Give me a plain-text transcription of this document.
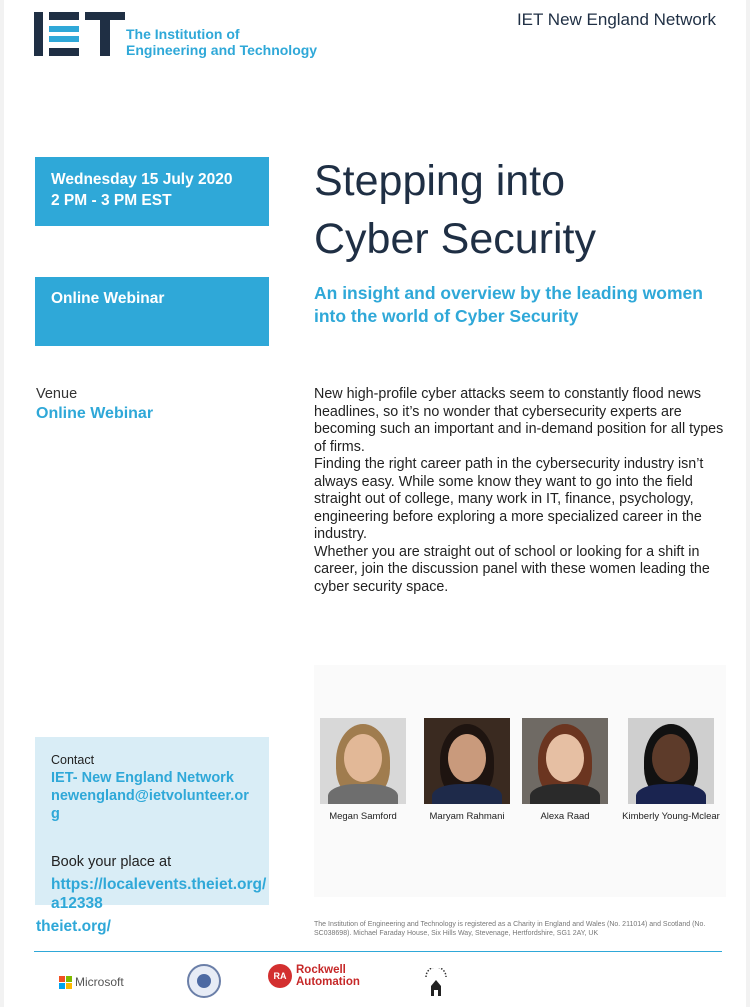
The Institution of
Engineering and Technology
IET New England Network
Wednesday 15 July 2020
2 PM - 3 PM EST
Online Webinar
Stepping into
Cyber Security
An insight and overview by the leading women into the world of Cyber Security
Venue
Online Webinar

New high-profile cyber attacks seem to constantly flood news headlines, so it’s no wonder that cybersecurity experts are becoming such an important and in-demand position for all types of firms.

Finding the right career path in the cybersecurity industry isn’t always easy. While some know they want to go into the field straight out of college, many work in IT, finance, psychology, engineering before exploring a more specialized career in the industry.

Whether you are straight out of school or looking for a shift in career, join the discussion panel with these women leading the cyber security space.

Megan Samford	Maryam Rahmani	Alexa Raad	Kimberly Young-Mclear
Contact
IET- New England Network
newengland@ietvolunteer.org
Book your place at
https://localevents.theiet.org/a12338
theiet.org/	The Institution of Engineering and Technology is registered as a Charity in England and Wales (No. 211014) and Scotland (No. SC038698). Michael Faraday House, Six Hills Way, Stevenage, Hertfordshire, SG1 2AY, UK
Microsoft	RA Rockwell
Automation
